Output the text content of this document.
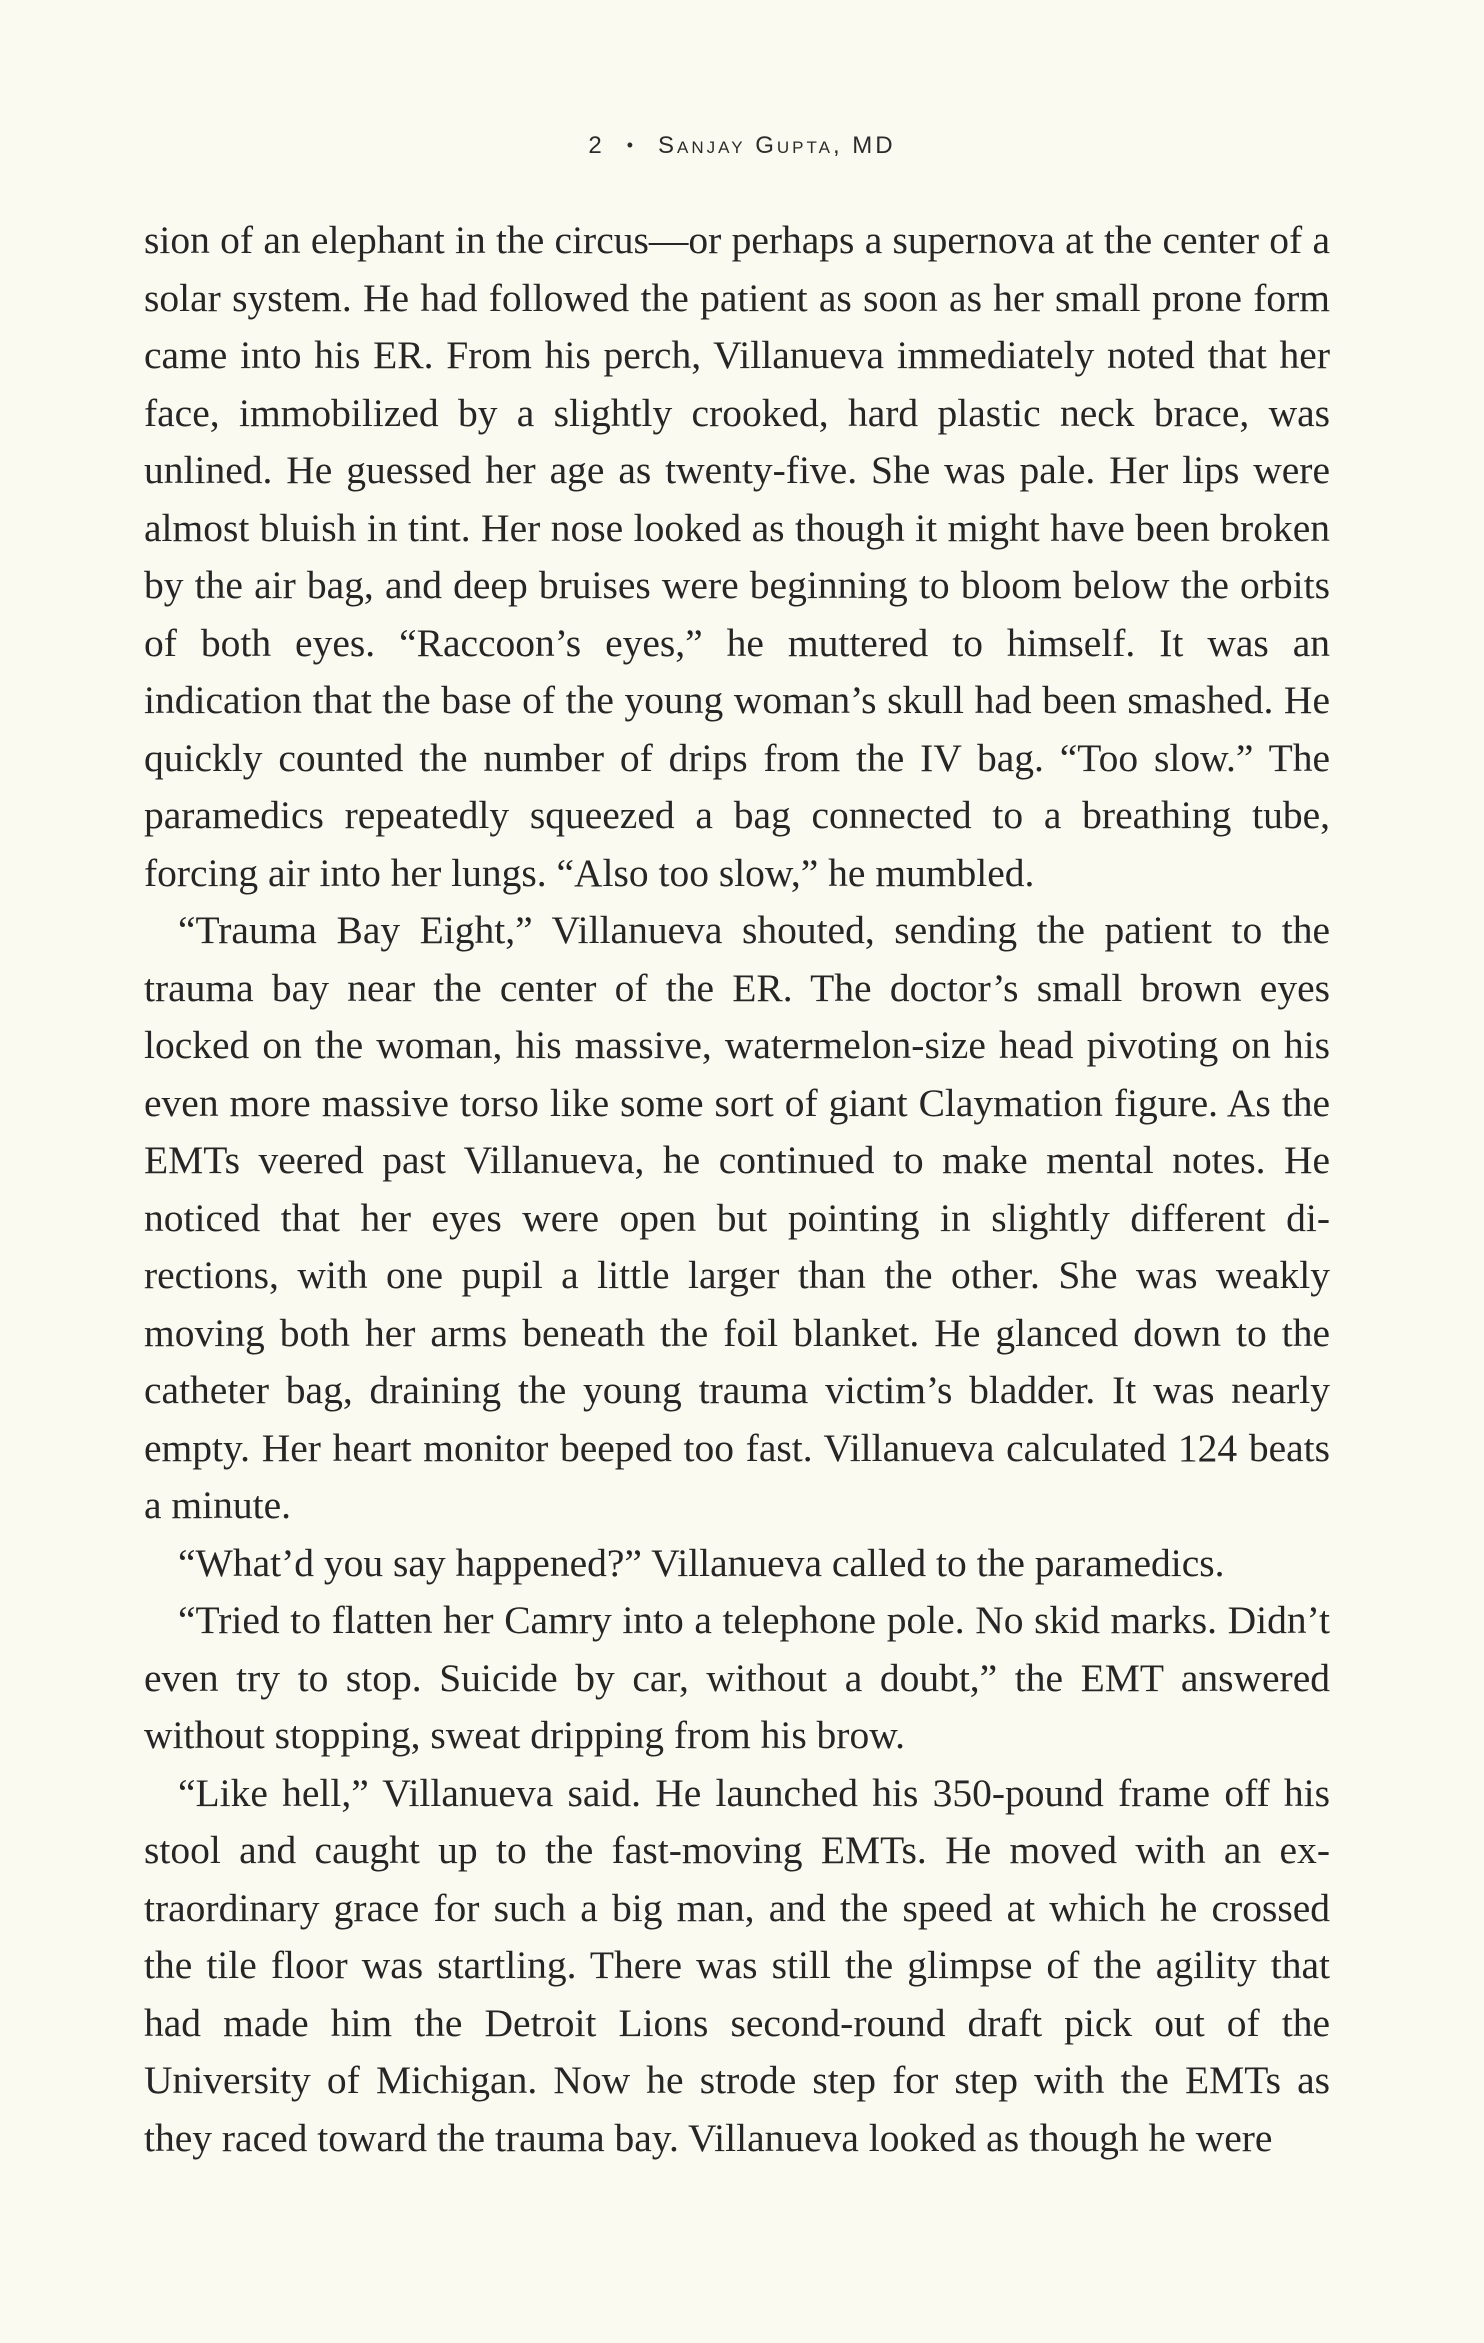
2 • Sanjay Gupta, MD

sion of an elephant in the circus—or perhaps a supernova at the center of a solar system. He had followed the patient as soon as her small prone form came into his ER. From his perch, Villanueva immediately noted that her face, immobilized by a slightly crooked, hard plastic neck brace, was unlined. He guessed her age as twenty-five. She was pale. Her lips were almost bluish in tint. Her nose looked as though it might have been broken by the air bag, and deep bruises were beginning to bloom below the orbits of both eyes. “Raccoon’s eyes,” he muttered to himself. It was an indication that the base of the young woman’s skull had been smashed. He quickly counted the number of drips from the IV bag. “Too slow.” The paramedics repeatedly squeezed a bag connected to a breathing tube, forcing air into her lungs. “Also too slow,” he mumbled.

“Trauma Bay Eight,” Villanueva shouted, sending the patient to the trauma bay near the center of the ER. The doctor’s small brown eyes locked on the woman, his massive, watermelon-size head pivoting on his even more massive torso like some sort of giant Claymation figure. As the EMTs veered past Villanueva, he continued to make mental notes. He noticed that her eyes were open but pointing in slightly different directions, with one pupil a little larger than the other. She was weakly moving both her arms beneath the foil blanket. He glanced down to the catheter bag, draining the young trauma victim’s bladder. It was nearly empty. Her heart monitor beeped too fast. Villanueva calculated 124 beats a minute.

“What’d you say happened?” Villanueva called to the paramedics.

“Tried to flatten her Camry into a telephone pole. No skid marks. Didn’t even try to stop. Suicide by car, without a doubt,” the EMT answered without stopping, sweat dripping from his brow.

“Like hell,” Villanueva said. He launched his 350-pound frame off his stool and caught up to the fast-moving EMTs. He moved with an extraordinary grace for such a big man, and the speed at which he crossed the tile floor was startling. There was still the glimpse of the agility that had made him the Detroit Lions second-round draft pick out of the University of Michigan. Now he strode step for step with the EMTs as they raced toward the trauma bay. Villanueva looked as though he were
